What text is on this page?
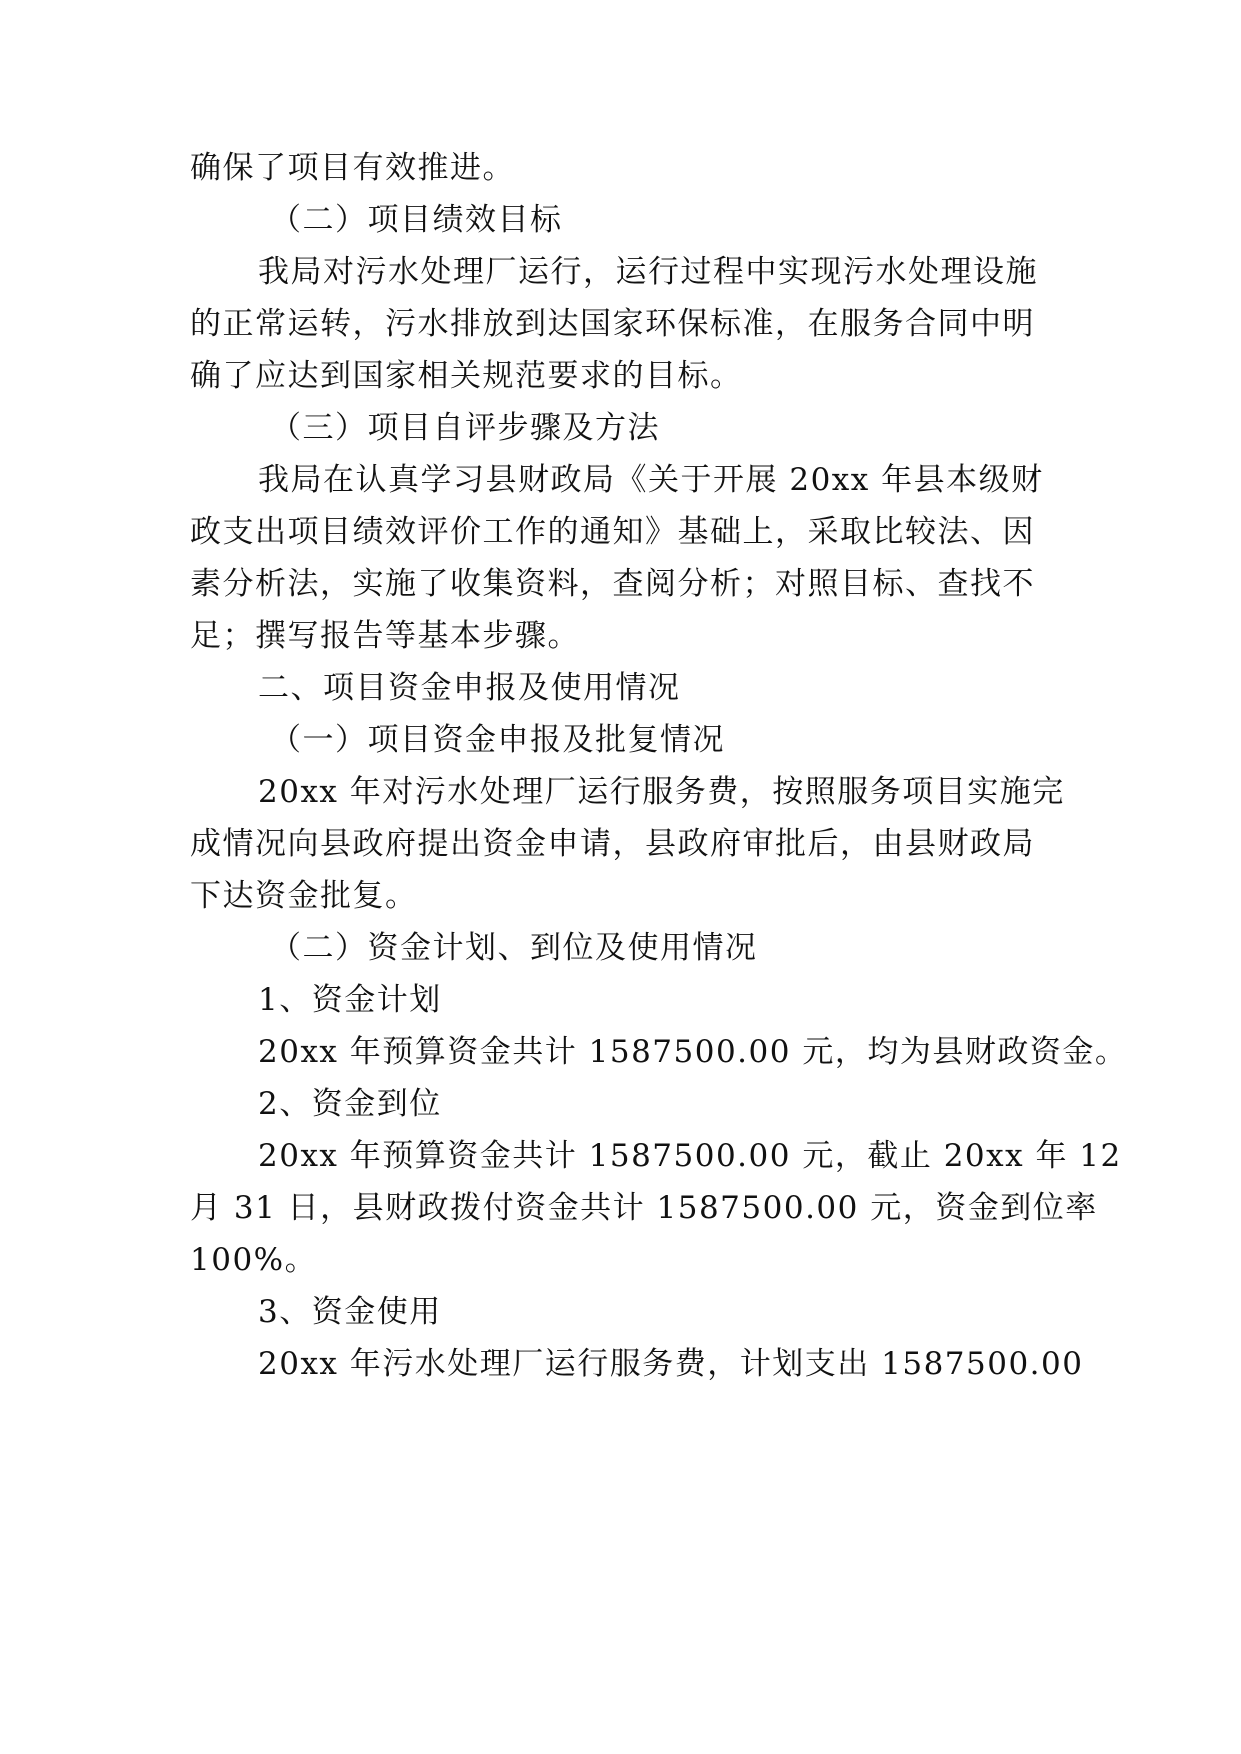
确保了项目有效推进。
（二）项目绩效目标
我局对污水处理厂运行，运行过程中实现污水处理设施
的正常运转，污水排放到达国家环保标准，在服务合同中明
确了应达到国家相关规范要求的目标。
（三）项目自评步骤及方法
我局在认真学习县财政局《关于开展 20xx 年县本级财
政支出项目绩效评价工作的通知》基础上，采取比较法、因
素分析法，实施了收集资料，查阅分析；对照目标、查找不
足；撰写报告等基本步骤。
二、项目资金申报及使用情况
（一）项目资金申报及批复情况
20xx 年对污水处理厂运行服务费，按照服务项目实施完
成情况向县政府提出资金申请，县政府审批后，由县财政局
下达资金批复。
（二）资金计划、到位及使用情况
1、资金计划
20xx 年预算资金共计 1587500.00 元，均为县财政资金。
2、资金到位
20xx 年预算资金共计 1587500.00 元，截止 20xx 年 12
月 31 日，县财政拨付资金共计 1587500.00 元，资金到位率
100%。
3、资金使用
20xx 年污水处理厂运行服务费，计划支出 1587500.00
